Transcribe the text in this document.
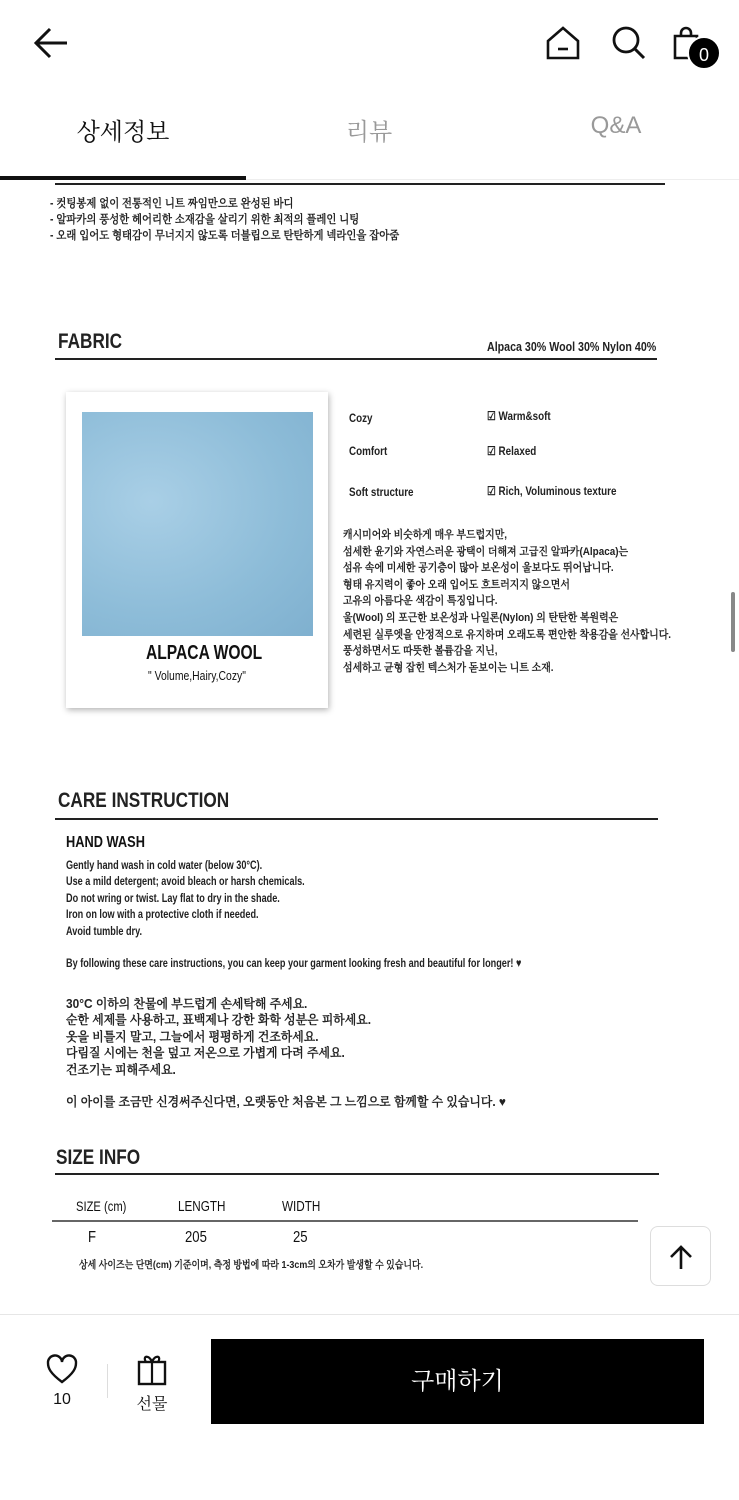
0
상세정보	리뷰	Q&A
- 컷팅봉제 없이 전통적인 니트 짜임만으로 완성된 바디
- 알파카의 풍성한 헤어리한 소재감을 살리기 위한 최적의 플레인 니팅
- 오래 입어도 형태감이 무너지지 않도록 더블립으로 탄탄하게 넥라인을 잡아줌
FABRIC	Alpaca 30% Wool 30% Nylon 40%
ALPACA WOOL
" Volume,Hairy,Cozy"
Cozy	☑ Warm&soft
Comfort	☑ Relaxed
Soft structure	☑ Rich, Voluminous texture
캐시미어와 비슷하게 매우 부드럽지만,
섬세한 윤기와 자연스러운 광택이 더해져 고급진 알파카(Alpaca)는
섬유 속에 미세한 공기층이 많아 보온성이 울보다도 뛰어납니다.
형태 유지력이 좋아 오래 입어도 흐트러지지 않으면서
고유의 아름다운 색감이 특징입니다.
울(Wool) 의 포근한 보온성과 나일론(Nylon) 의 탄탄한 복원력은
세련된 실루엣을 안정적으로 유지하며 오래도록 편안한 착용감을 선사합니다.
풍성하면서도 따뜻한 볼륨감을 지닌,
섬세하고 균형 잡힌 텍스처가 돋보이는 니트 소재.
CARE INSTRUCTION
HAND WASH
Gently hand wash in cold water (below 30°C).
Use a mild detergent; avoid bleach or harsh chemicals.
Do not wring or twist. Lay flat to dry in the shade.
Iron on low with a protective cloth if needed.
Avoid tumble dry.
By following these care instructions, you can keep your garment looking fresh and beautiful for longer! ♥
30°C 이하의 찬물에 부드럽게 손세탁해 주세요.
순한 세제를 사용하고, 표백제나 강한 화학 성분은 피하세요.
옷을 비틀지 말고, 그늘에서 평평하게 건조하세요.
다림질 시에는 천을 덮고 저온으로 가볍게 다려 주세요.
건조기는 피해주세요.
이 아이를 조금만 신경써주신다면, 오랫동안 처음본 그 느낌으로 함께할 수 있습니다. ♥
SIZE INFO
SIZE (cm)	LENGTH	WIDTH
F	205	25
상세 사이즈는 단면(cm) 기준이며, 측정 방법에 따라 1-3cm의 오차가 발생할 수 있습니다.
10	선물
구매하기
